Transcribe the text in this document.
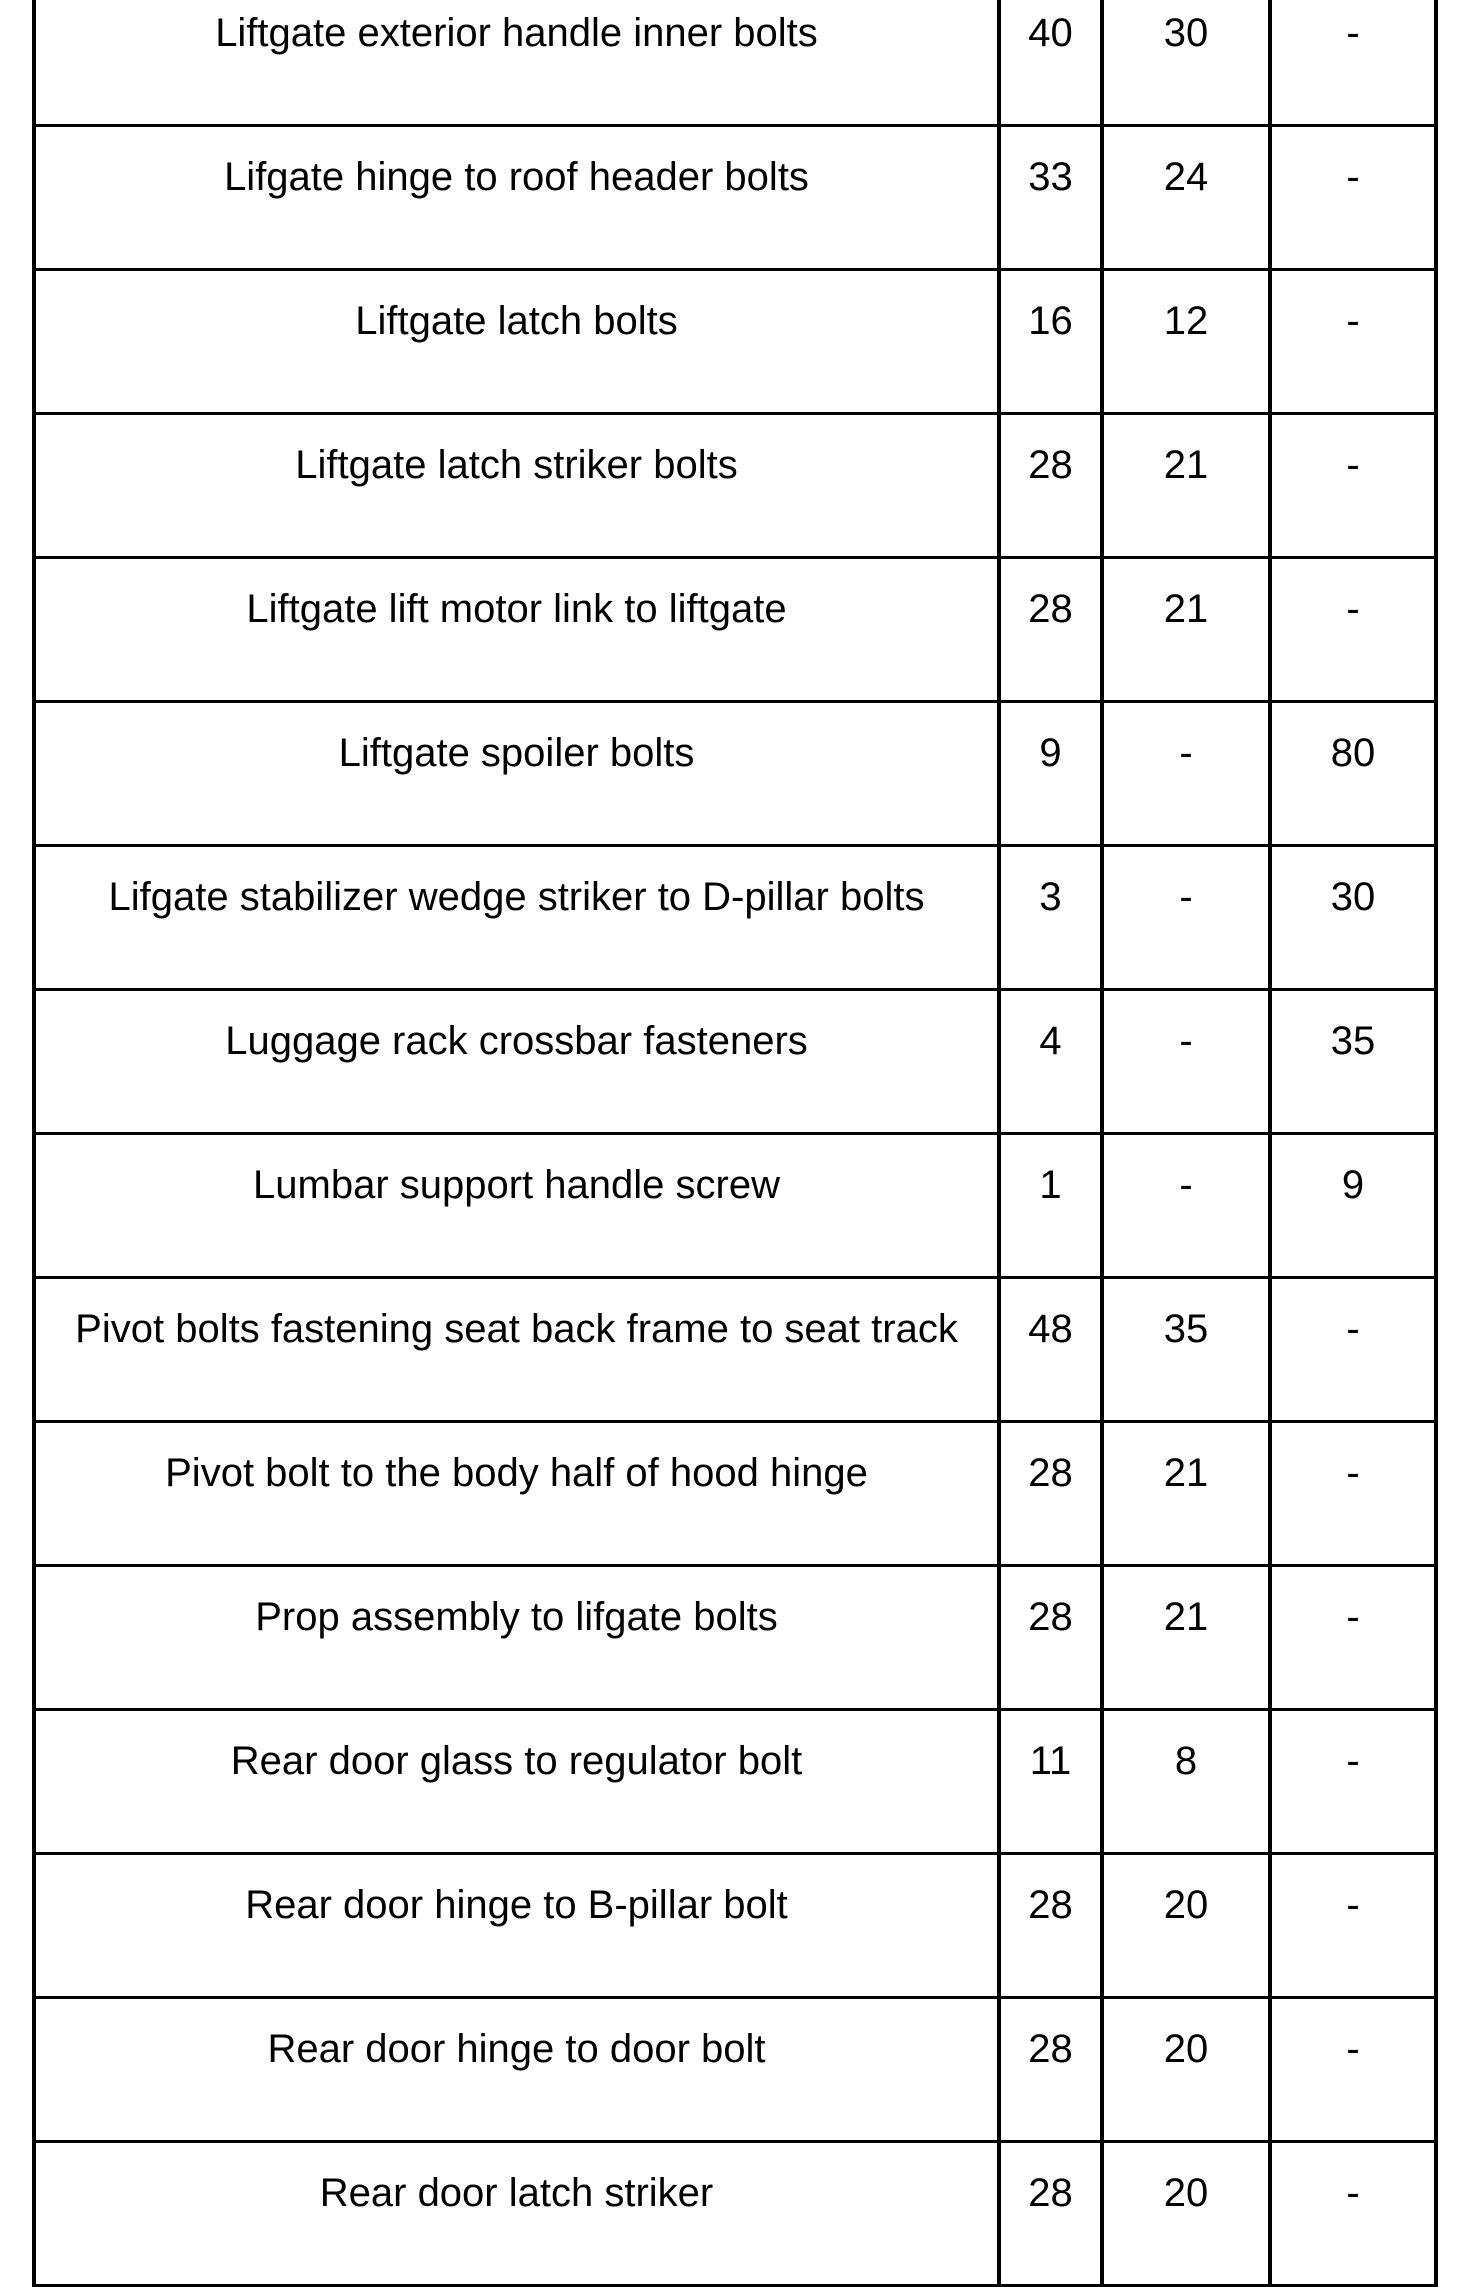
Liftgate exterior handle inner bolts	40	30	-
Lifgate hinge to roof header bolts	33	24	-
Liftgate latch bolts	16	12	-
Liftgate latch striker bolts	28	21	-
Liftgate lift motor link to liftgate	28	21	-
Liftgate spoiler bolts	9	-	80
Lifgate stabilizer wedge striker to D-pillar bolts	3	-	30
Luggage rack crossbar fasteners	4	-	35
Lumbar support handle screw	1	-	9
Pivot bolts fastening seat back frame to seat track	48	35	-
Pivot bolt to the body half of hood hinge	28	21	-
Prop assembly to lifgate bolts	28	21	-
Rear door glass to regulator bolt	11	8	-
Rear door hinge to B-pillar bolt	28	20	-
Rear door hinge to door bolt	28	20	-
Rear door latch striker	28	20	-
